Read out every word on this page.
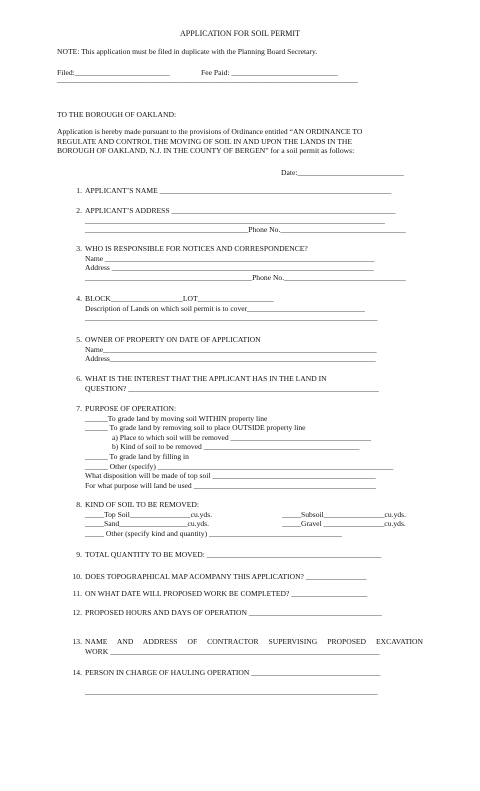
APPLICATION FOR SOIL PERMIT
NOTE: This application must be filed in duplicate with the Planning Board Secretary.
Filed:_________________________	Fee Paid: ____________________________
______________________________________________________________________________________________
TO THE BOROUGH OF OAKLAND:
Application is hereby made pursuant to the provisions of Ordinance entitled “AN ORDINANCE TO
REGULATE AND CONTROL THE MOVING OF SOIL IN AND UPON THE LANDS IN THE
BOROUGH OF OAKLAND, N.J. IN THE COUNTY OF BERGEN” for a soil permit as follows:
Date:____________________________
1. APPLICANT’S NAME _____________________________________________________________
2. APPLICANT’S ADDRESS ___________________________________________________________
_______________________________________________________________________________
___________________________________________Phone No._________________________________
3. WHO IS RESPONSIBLE FOR NOTICES AND CORRESPONDENCE?
Name _______________________________________________________________________
Address _____________________________________________________________________
____________________________________________Phone No.________________________________
4. BLOCK___________________LOT____________________
Description of Lands on which soil permit is to cover_______________________________
_____________________________________________________________________________
5. OWNER OF PROPERTY ON DATE OF APPLICATION
Name________________________________________________________________________
Address______________________________________________________________________
6. WHAT IS THE INTEREST THAT THE APPLICANT HAS IN THE LAND IN
QUESTION? __________________________________________________________________
7. PURPOSE OF OPERATION:
______To grade land by moving soil WITHIN property line
______ To grade land by removing soil to place OUTSIDE property line
a) Place to which soil will be removed _____________________________________
b) Kind of soil to be removed _________________________________________
______ To grade land by filling in
______ Other (specify) ______________________________________________________________
What disposition will be made of top soil ___________________________________________
For what purpose will land be used ________________________________________________
8. KIND OF SOIL TO BE REMOVED:
_____Top Soil________________cu.yds.
_____Sand__________________cu.yds.
_____ Other (specify kind and quantity) ___________________________________
_____Subsoil________________cu.yds.
_____Gravel ________________cu.yds.
9. TOTAL QUANTITY TO BE MOVED: ______________________________________________
10. DOES TOPOGRAPHICAL MAP ACOMPANY THIS APPLICATION? ________________
11. ON WHAT DATE WILL PROPOSED WORK BE COMPLETED? ____________________
12. PROPOSED HOURS AND DAYS OF OPERATION ___________________________________
13. NAME AND ADDRESS OF CONTRACTOR SUPERVISING PROPOSED EXCAVATION
WORK _______________________________________________________________________
14. PERSON IN CHARGE OF HAULING OPERATION __________________________________
_____________________________________________________________________________
